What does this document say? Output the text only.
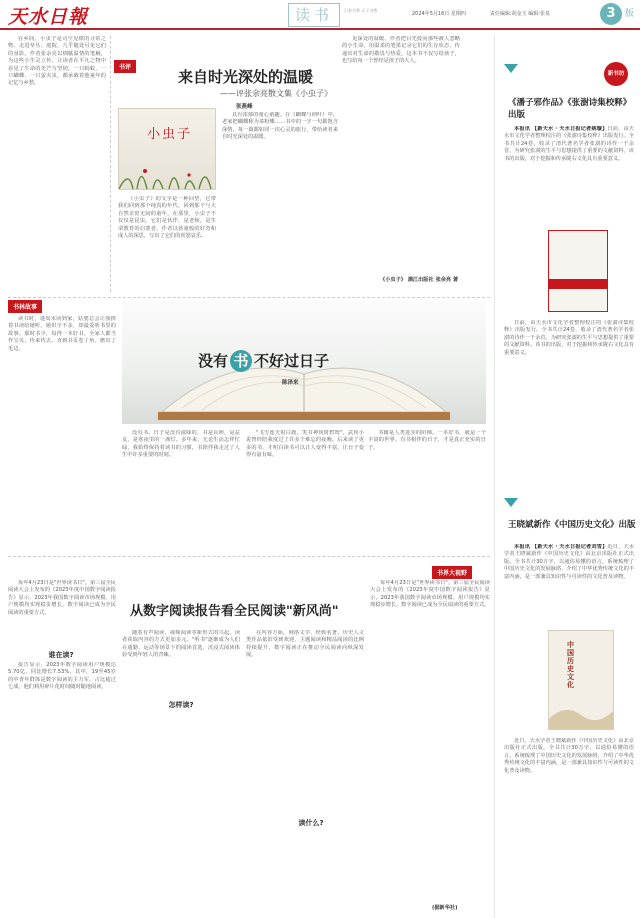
天水日報	读书	百卷书香 天下书香
2024年5月16日 星期四	责任编辑:胡金玉 编辑:张泉	3	版
在乡间，小虫子是司空见惯的寻常之物。走进草丛、庭院，几乎随处可见它们的身影。作者张余亮以细腻温情的笔触，为这些小生灵立传，让读者在平凡之物中看见了生命的光芒与坚韧。一只蚂蚁、一只蝴蝶、一只萤火虫，都承载着他童年的记忆与乡愁。
书评
来自时光深处的温暖
——评张余亮散文集《小虫子》
张燕峰
小虫子
《小虫子》的文字是一种回望，它带我们回到那个纯真的年代，回到那个与大自然亲密无间的童年。在那里，小虫子不仅仅是昆虫，它们是伙伴，是老师，是生命教育的启蒙者。作者以孩童般的好奇和成人的深思，写出了它们的喜怒哀乐。
具有浓郁的童心童趣。在《蝴蝶与荆叶》中，老家把蝴蝶称为菜粉蝶……书中的一字一句都饱含深情，每一篇都如同一次心灵的旅行，带给读者来自时光深处的温暖。
见深处的温暖。作者把目光投向那些被人忽略的小生命，用温柔的笔墨记录它们的生存状态，传递出对生命的敬畏与热爱。这本书不仅写给孩子，也写给每一个曾经是孩子的大人。
《小虫子》 漓江出版社 张余亮 著
书林故事
读书时，逢周末回到家，姑婆总会让我捧着书读给她听。她识字不多，却最爱听书里的故事。那时书少，每得一本好书，全家人都当作宝贝，传来传去，直到书页卷了角、磨出了毛边。
没有 书 不好过日子
陈泽来
没有书，日子是没有滋味的。书是良师，是益友，是寒夜里的一盏灯。多年来，无论生活怎样忙碌，我始终保持着读书的习惯，书陪伴我走过了人生中许多重要的时刻。
"飞雪连天射白鹿，笑书神侠倚碧鸳"，武侠小说曾经陪我度过了许多个难忘的夜晚。后来读了更多的书，才明白读书可以让人变得丰富，让日子变得有滋有味。
书籍是人类进步的阶梯。一本好书，就是一个丰富的世界。有书相伴的日子，才是真正充实的日子。
书界大视野
每年4月23日是"世界读书日"。第三届全民阅读大会上发布的《2023年度中国数字阅读报告》显示，2023年我国数字阅读市场规模、用户规模均实现稳步增长，数字阅读已成为全民阅读的重要方式。	从数字阅读报告看全民阅读"新风尚"
谁在读?
报告显示，2023年数字阅读用户规模达5.70亿，同比增长7.53%。其中，19至45岁的中青年群体是数字阅读的主力军，占比超过七成，他们利用碎片化时间随时随地阅读。
随着有声阅读、视频阅读等新形式的兴起，读者获取内容的方式更加多元。"听书"逐渐成为人们在通勤、运动等场景下的阅读首选，沉浸式阅读体验受到年轻人的青睐。
怎样读?
在内容方面，网络文学、经典名著、历史人文类作品依旧受到欢迎，主题阅读和精品阅读的比例持续提升，数字阅读正在推动全民阅读向纵深发展。
读什么?
每年4月23日是"世界读书日"。第三届全民阅读大会上发布的《2023年度中国数字阅读报告》显示，2023年我国数字阅读市场规模、用户规模均实现稳步增长，数字阅读已成为全民阅读的重要方式。
(据新华社)
新书坊
《潘子邪作品》《张澍诗集校释》出版
本报讯 【新天水 · 天水日报记者姚璇】日前，由天水市文化学者整理校注的《张澍诗集校释》出版发行。全书共计24卷，收录了清代著名学者张澍的诗作一千余首，为研究张澍的生平与思想提供了重要的文献资料。该书的出版，对于挖掘和传承陇右文化具有重要意义。
日前，由天水市文化学者整理校注的《张澍诗集校释》出版发行。全书共计24卷，收录了清代著名学者张澍的诗作一千余首，为研究张澍的生平与思想提供了重要的文献资料。该书的出版，对于挖掘和传承陇右文化具有重要意义。
王晓斌新作《中国历史文化》出版
本报讯 【新天水 · 天水日报记者刘雪】近日，天水学者王晓斌新作《中国历史文化》由北京出版社正式出版。全书共计30万字，以通俗易懂的语言，系统梳理了中国历史文化的发展脉络，介绍了中华优秀传统文化的丰富内涵，是一部兼具知识性与可读性的文化普及读物。
中国历史文化
近日，天水学者王晓斌新作《中国历史文化》由北京出版社正式出版。全书共计30万字，以通俗易懂的语言，系统梳理了中国历史文化的发展脉络，介绍了中华优秀传统文化的丰富内涵，是一部兼具知识性与可读性的文化普及读物。
